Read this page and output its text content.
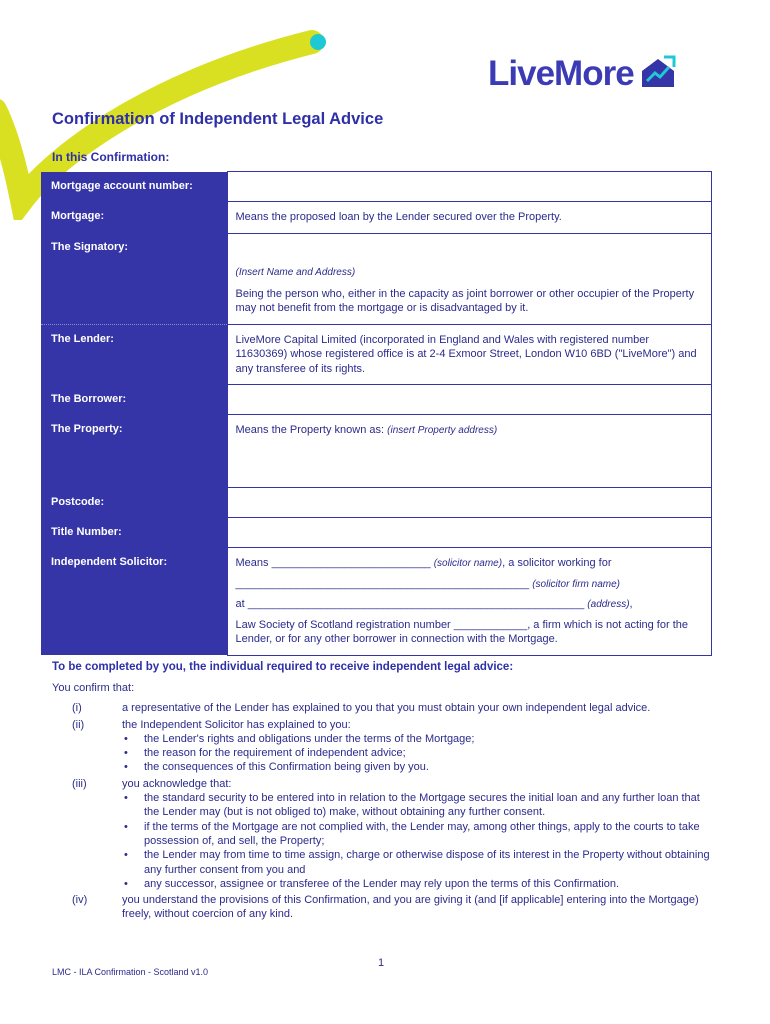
LiveMore
Confirmation of Independent Legal Advice
In this Confirmation:
Mortgage account number:	
Mortgage:	Means the proposed loan by the Lender secured over the Property.
The Signatory:	(Insert Name and Address)

Being the person who, either in the capacity as joint borrower or other occupier of the Property may not benefit from the mortgage or is disadvantaged by it.

The Lender:	LiveMore Capital Limited (incorporated in England and Wales with registered number 11630369) whose registered office is at 2-4 Exmoor Street, London W10 6BD ("LiveMore") and any transferee of its rights.
The Borrower:	
The Property:	Means the Property known as: (insert Property address)
Postcode:	
Title Number:	
Independent Solicitor:	Means __________________________ (solicitor name), a solicitor working for

________________________________________________ (solicitor firm name)

at _______________________________________________________ (address),

Law Society of Scotland registration number ____________, a firm which is not acting for the Lender, or for any other borrower in connection with the Mortgage.

To be completed by you, the individual required to receive independent legal advice:
You confirm that:
(i)	a representative of the Lender has explained to you that you must obtain your own independent legal advice.
(ii)	the Independent Solicitor has explained to you:
• the Lender's rights and obligations under the terms of the Mortgage;
• the reason for the requirement of independent advice;
• the consequences of this Confirmation being given by you.
(iii)	you acknowledge that:
• the standard security to be entered into in relation to the Mortgage secures the initial loan and any further loan that the Lender may (but is not obliged to) make, without obtaining any further consent.
• if the terms of the Mortgage are not complied with, the Lender may, among other things, apply to the courts to take possession of, and sell, the Property;
• the Lender may from time to time assign, charge or otherwise dispose of its interest in the Property without obtaining any further consent from you and
• any successor, assignee or transferee of the Lender may rely upon the terms of this Confirmation.
(iv)	you understand the provisions of this Confirmation, and you are giving it (and [if applicable] entering into the Mortgage) freely, without coercion of any kind.
1
LMC - ILA Confirmation - Scotland v1.0
